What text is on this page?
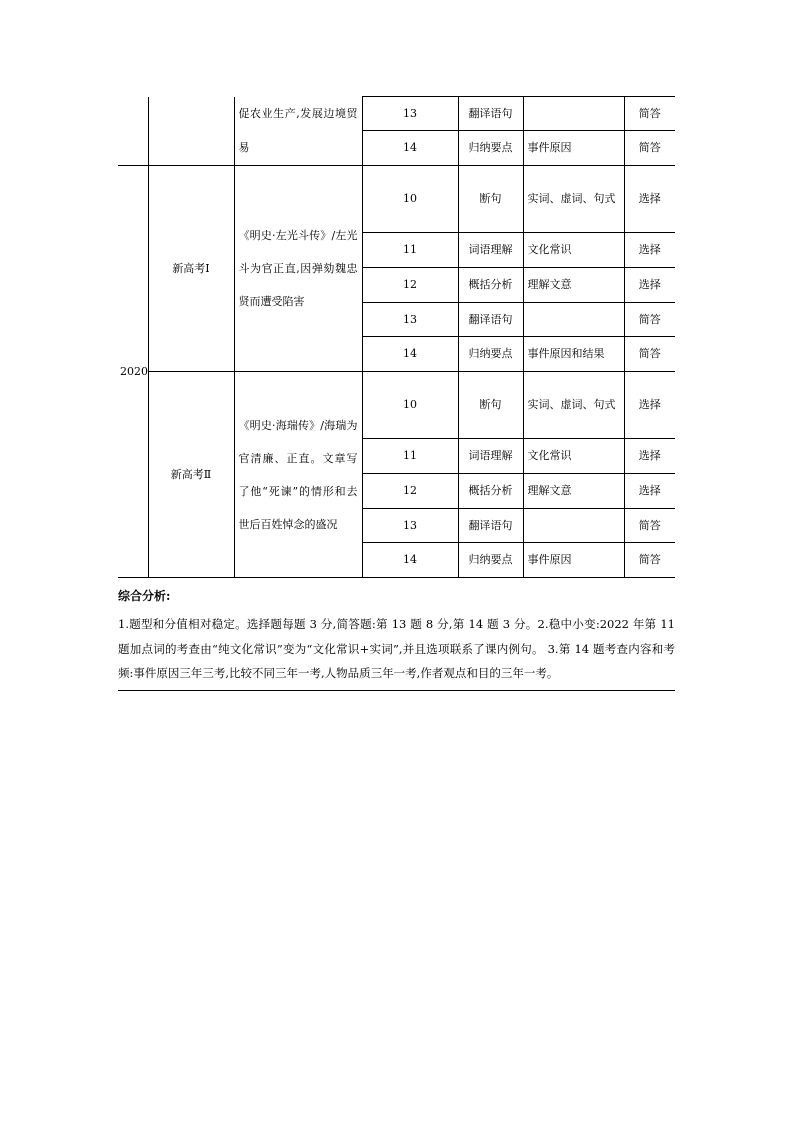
		促农业生产,发展边境贸易	13	翻译语句		简答
			14	归纳要点	事件原因	简答
2020	新高考Ⅰ	《明史·左光斗传》/左光斗为官正直,因弹劾魏忠贤而遭受陷害	10	断句	实词、虚词、句式	选择
			11	词语理解	文化常识	选择
			12	概括分析	理解文意	选择
			13	翻译语句		简答
			14	归纳要点	事件原因和结果	简答
	新高考Ⅱ	《明史·海瑞传》/海瑞为官清廉、正直。文章写了他“死谏”的情形和去世后百姓悼念的盛况	10	断句	实词、虚词、句式	选择
			11	词语理解	文化常识	选择
			12	概括分析	理解文意	选择
			13	翻译语句		简答
			14	归纳要点	事件原因	简答
综合分析:

1.题型和分值相对稳定。选择题每题 3 分,简答题:第 13 题 8 分,第 14 题 3 分。2.稳中小变:2022 年第 11 题加点词的考查由“纯文化常识”变为“文化常识+实词”,并且选项联系了课内例句。 3.第 14 题考查内容和考频:事件原因三年三考,比较不同三年一考,人物品质三年一考,作者观点和目的三年一考。
